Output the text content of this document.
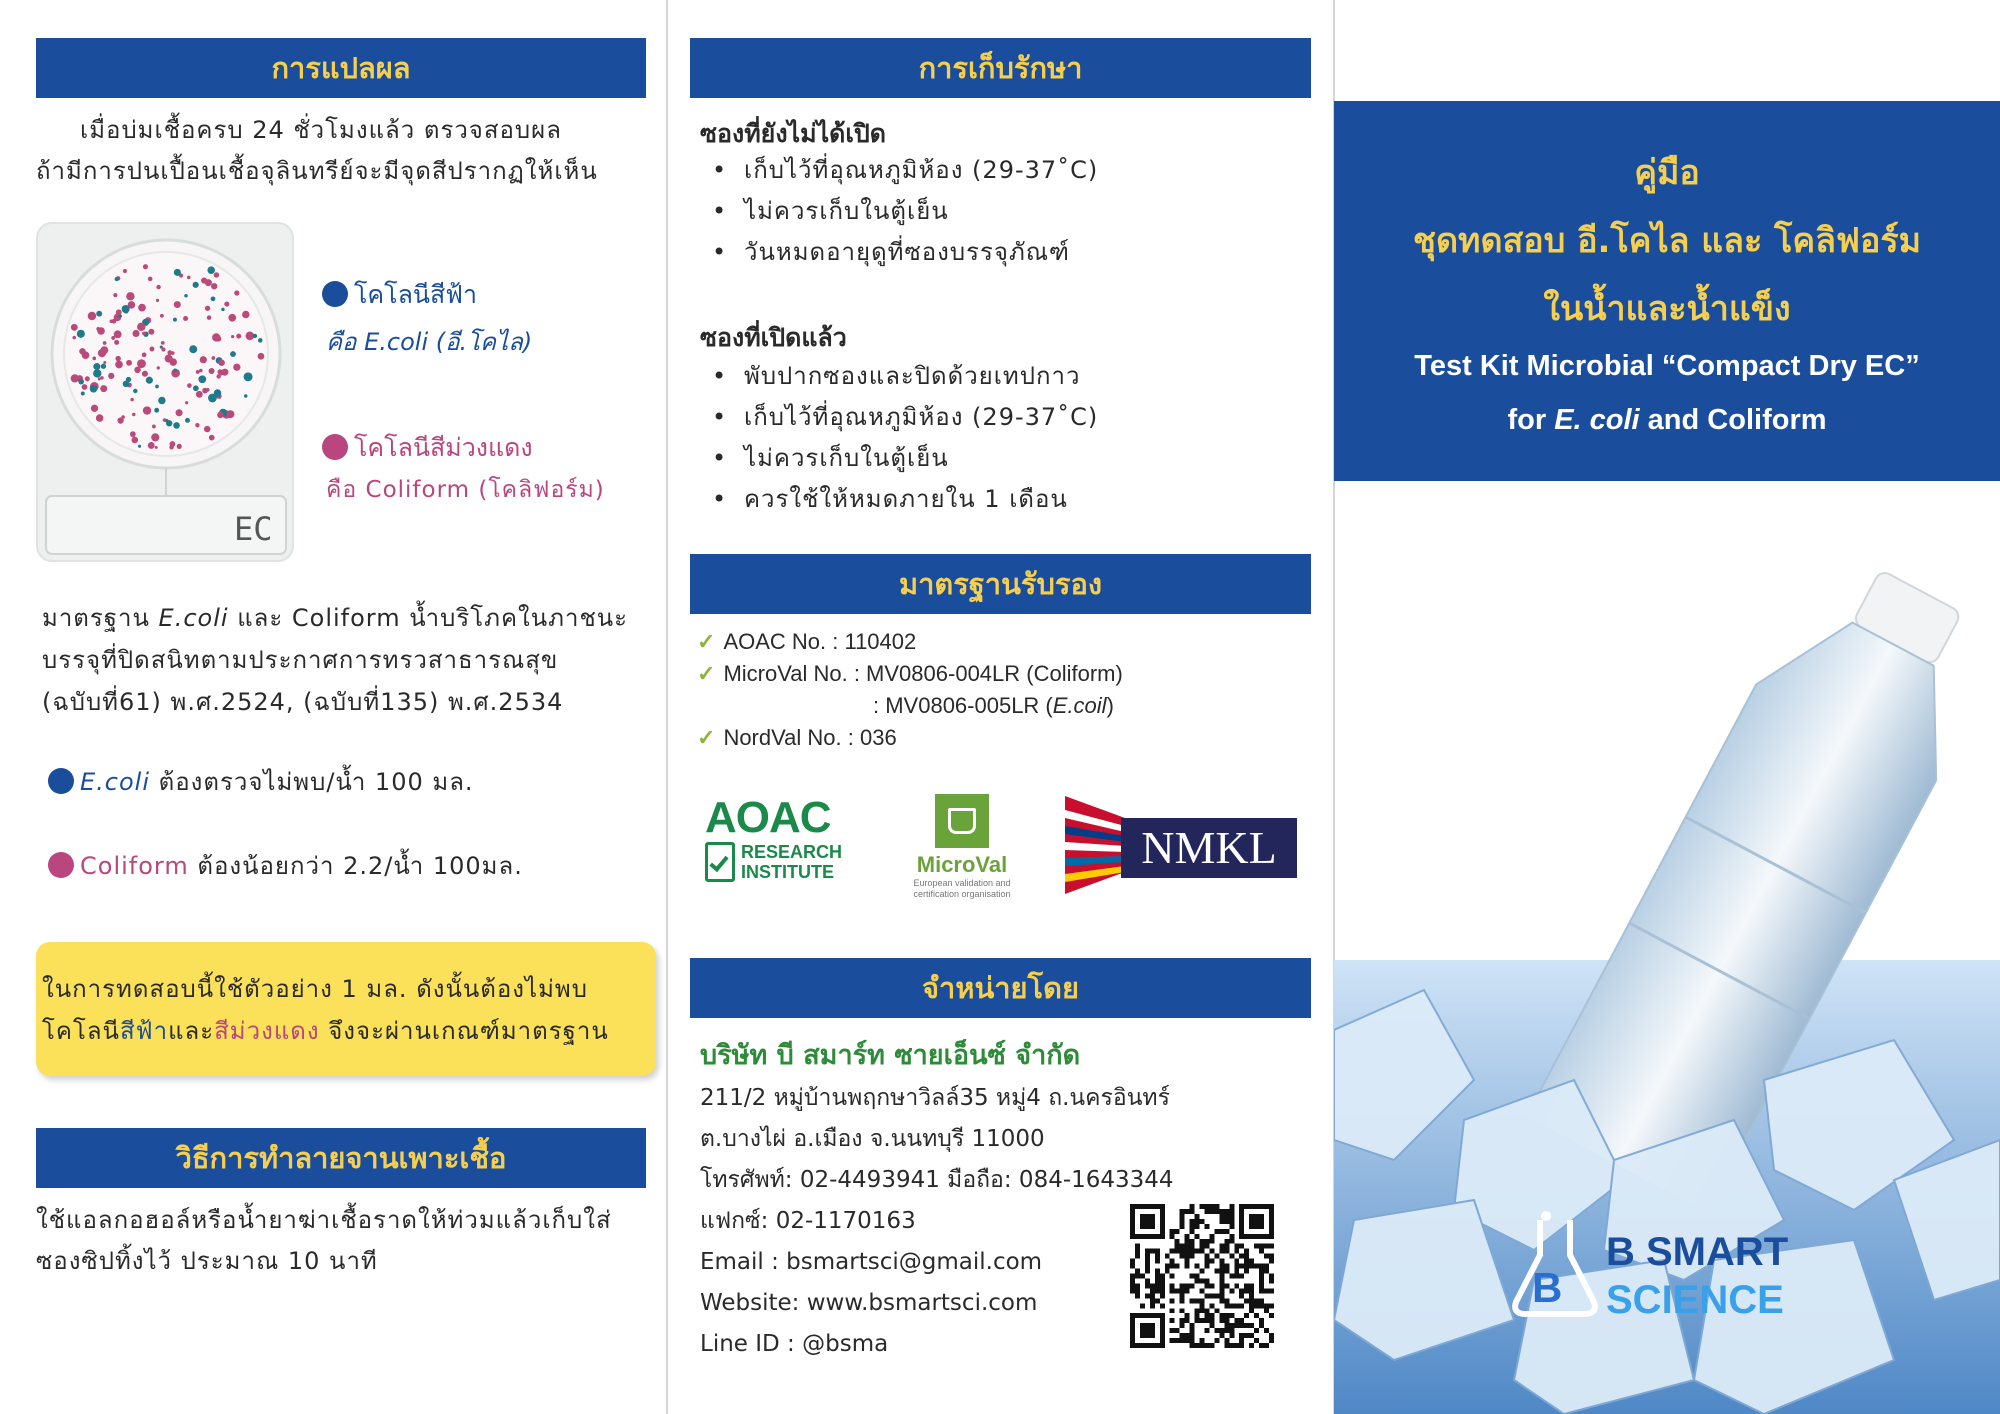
การแปลผล
เมื่อบ่มเชื้อครบ 24 ชั่วโมงแล้ว ตรวจสอบผล
ถ้ามีการปนเปื้อนเชื้อจุลินทรีย์จะมีจุดสีปรากฏให้เห็น
EC
โคโลนีสีฟ้า
คือ E.coli (อี.โคไล)
โคโลนีสีม่วงแดง
คือ Coliform (โคลิฟอร์ม)
มาตรฐาน E.coli และ Coliform น้ำบริโภคในภาชนะ
บรรจุที่ปิดสนิทตามประกาศการทรวสาธารณสุข
(ฉบับที่61) พ.ศ.2524, (ฉบับที่135) พ.ศ.2534
E.coli ต้องตรวจไม่พบ/น้ำ 100 มล.
Coliform ต้องน้อยกว่า 2.2/น้ำ 100มล.
ในการทดสอบนี้ใช้ตัวอย่าง 1 มล. ดังนั้นต้องไม่พบ
โคโลนีสีฟ้าและสีม่วงแดง จึงจะผ่านเกณฑ์มาตรฐาน
วิธีการทำลายจานเพาะเชื้อ
ใช้แอลกอฮอล์หรือน้ำยาฆ่าเชื้อราดให้ท่วมแล้วเก็บใส่
ซองซิปทิ้งไว้ ประมาณ 10 นาที
การเก็บรักษา
ซองที่ยังไม่ได้เปิด
• เก็บไว้ที่อุณหภูมิห้อง (29-37˚C)
• ไม่ควรเก็บในตู้เย็น
• วันหมดอายุดูที่ซองบรรจุภัณฑ์
ซองที่เปิดแล้ว
• พับปากซองและปิดด้วยเทปกาว
• เก็บไว้ที่อุณหภูมิห้อง (29-37˚C)
• ไม่ควรเก็บในตู้เย็น
• ควรใช้ให้หมดภายใน 1 เดือน
มาตรฐานรับรอง
✓ AOAC No. : 110402
✓ MicroVal No. : MV0806-004LR (Coliform)
: MV0806-005LR (E.coil)
✓ NordVal No. : 036
AOAC
RESEARCH
INSTITUTE	MicroVal
European validation and
certification organisation
NMKL
จำหน่ายโดย
บริษัท บี สมาร์ท ซายเอ็นซ์ จำกัด
211/2 หมู่บ้านพฤกษาวิลล์35 หมู่4 ถ.นครอินทร์
ต.บางไผ่ อ.เมือง จ.นนทบุรี 11000
โทรศัพท์: 02-4493941 มือถือ: 084-1643344
แฟกซ์: 02-1170163
Email : bsmartsci@gmail.com
Website: www.bsmartsci.com
Line ID : @bsma
คู่มือ
ชุดทดสอบ อี.โคไล และ โคลิฟอร์ม
ในน้ำและน้ำแข็ง
Test Kit Microbial “Compact Dry EC”
for E. coli and Coliform
B
B SMART
SCIENCE
